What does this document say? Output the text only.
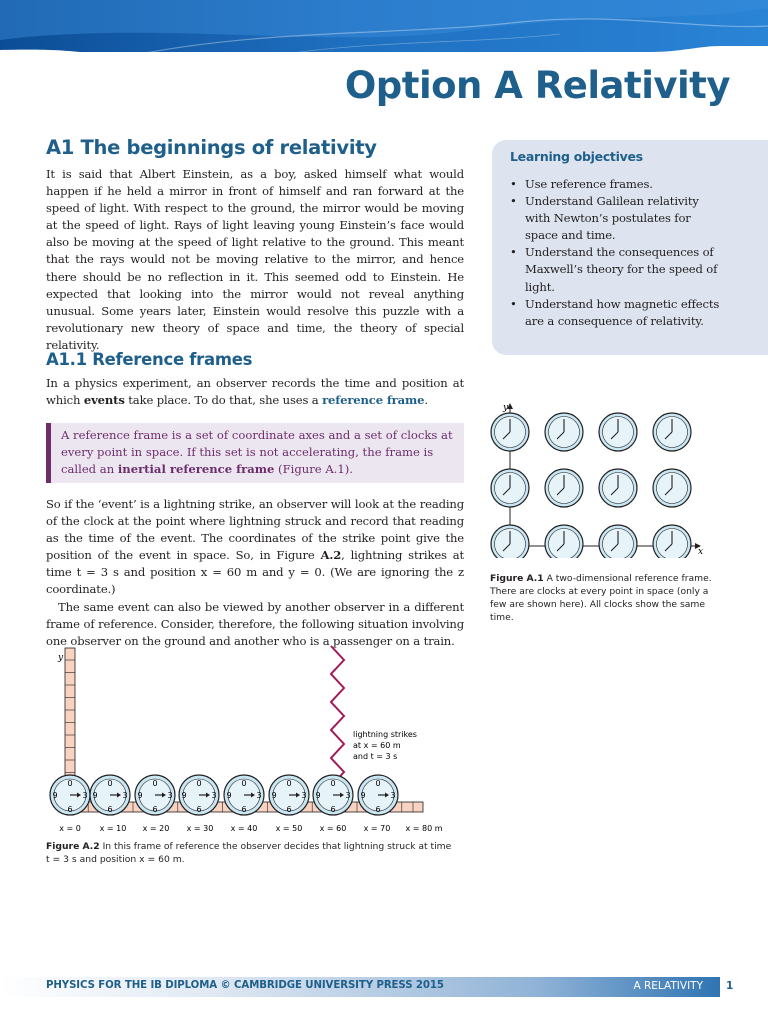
Option A Relativity
A1 The beginnings of relativity

It is said that Albert Einstein, as a boy, asked himself what would happen if he held a mirror in front of himself and ran forward at the speed of light. With respect to the ground, the mirror would be moving at the speed of light. Rays of light leaving young Einstein’s face would also be moving at the speed of light relative to the ground. This meant that the rays would not be moving relative to the mirror, and hence there should be no reflection in it. This seemed odd to Einstein. He expected that looking into the mirror would not reveal anything unusual. Some years later, Einstein would resolve this puzzle with a revolutionary new theory of space and time, the theory of special relativity.

A1.1 Reference frames

In a physics experiment, an observer records the time and position at which events take place. To do that, she uses a reference frame.

A reference frame is a set of coordinate axes and a set of clocks at every point in space. If this set is not accelerating, the frame is called an inertial reference frame (Figure A.1).

So if the ‘event’ is a lightning strike, an observer will look at the reading of the clock at the point where lightning struck and record that reading as the time of the event. The coordinates of the strike point give the position of the event in space. So, in Figure A.2, lightning strikes at time t = 3 s and position x = 60 m and y = 0. (We are ignoring the z coordinate.)
The same event can also be viewed by another observer in a different frame of reference. Consider, therefore, the following situation involving one observer on the ground and another who is a passenger on a train.

Learning objectives
• Use reference frames.
• Understand Galilean relativity with Newton’s postulates for space and time.
• Understand the consequences of Maxwell’s theory for the speed of light.
• Understand how magnetic effects are a consequence of relativity.
y
x

Figure A.1 A two-dimensional reference frame. There are clocks at every point in space (only a few are shown here). All clocks show the same time.

y
lightning strikes
at x = 60 m
and t = 3 s
0
3
6
9
0
3
6
9
0
3
6
9
0
3
6
9
0
3
6
9
0
3
6
9
0
3
6
9
0
3
6
9
x = 0 x = 10 x = 20 x = 30 x = 40 x = 50 x = 60 x = 70 x = 80 m

Figure A.2 In this frame of reference the observer decides that lightning struck at time t = 3 s and position x = 60 m.

PHYSICS FOR THE IB DIPLOMA © CAMBRIDGE UNIVERSITY PRESS 2015	A RELATIVITY 1
